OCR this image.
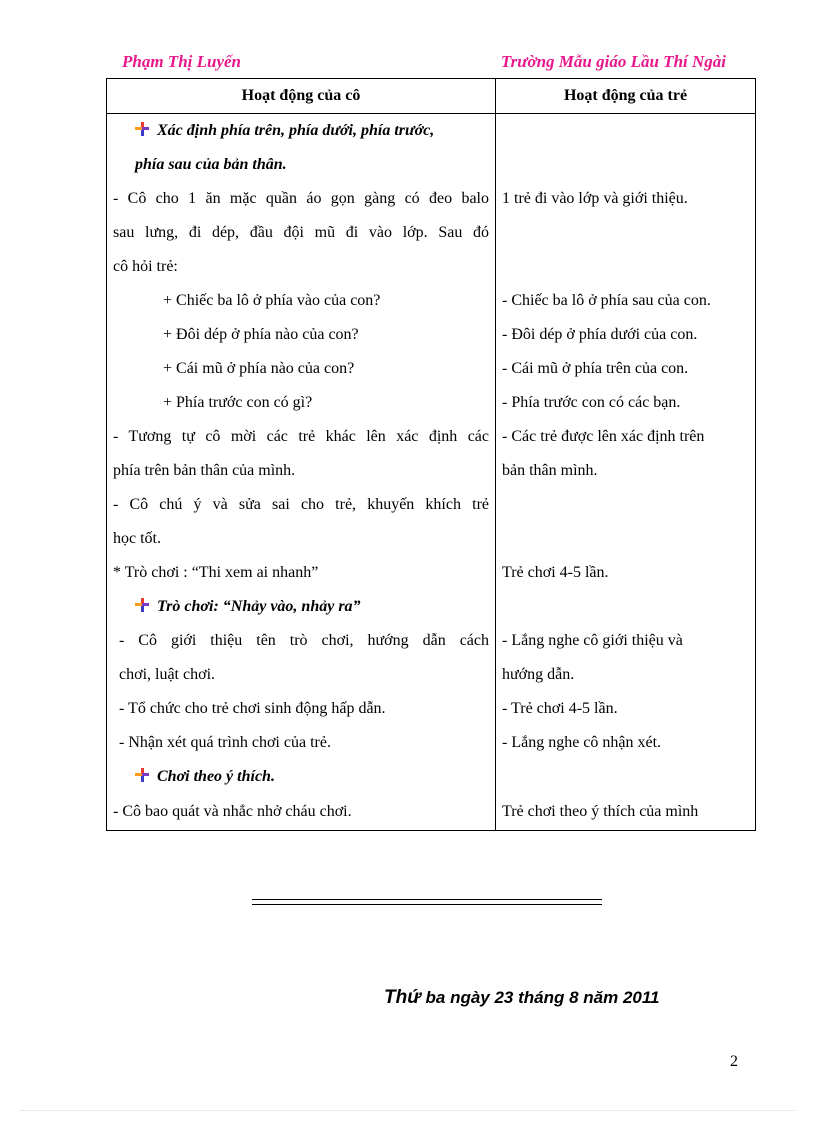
Phạm Thị Luyến	Trường Mẫu giáo Lầu Thí Ngài
Hoạt động của cô	Hoạt động của trẻ
Xác định phía trên, phía dưới, phía trước,	
phía sau của bản thân.	
- Cô cho 1 ăn mặc quần áo gọn gàng có đeo balo	1 trẻ đi vào lớp và giới thiệu.
sau lưng, đi dép, đầu đội mũ đi vào lớp. Sau đó	
cô hỏi trẻ:	
+ Chiếc ba lô ở phía vào của con?	- Chiếc ba lô ở phía sau của con.
+ Đôi dép ở phía nào của con?	- Đôi dép ở phía dưới của con.
+ Cái mũ ở phía nào của con?	- Cái mũ ở phía trên của con.
+ Phía trước con có gì?	- Phía trước con có các bạn.
- Tương tự cô mời các trẻ khác lên xác định các	- Các trẻ được lên xác định trên
phía trên bản thân của mình.	bản thân mình.
- Cô chú ý và sửa sai cho trẻ, khuyến khích trẻ	
học tốt.	
* Trò chơi : “Thi xem ai nhanh”	Trẻ chơi 4-5 lần.
Trò chơi: “Nhảy vào, nhảy ra”	
- Cô giới thiệu tên trò chơi, hướng dẫn cách	- Lắng nghe cô giới thiệu và
chơi, luật chơi.	hướng dẫn.
- Tổ chức cho trẻ chơi sinh động hấp dẫn.	- Trẻ chơi 4-5 lần.
- Nhận xét quá trình chơi của trẻ.	- Lắng nghe cô nhận xét.
Chơi theo ý thích.	
- Cô bao quát và nhắc nhở cháu chơi.	Trẻ chơi theo ý thích của mình
Thứ ba ngày 23 tháng 8 năm 2011
2
